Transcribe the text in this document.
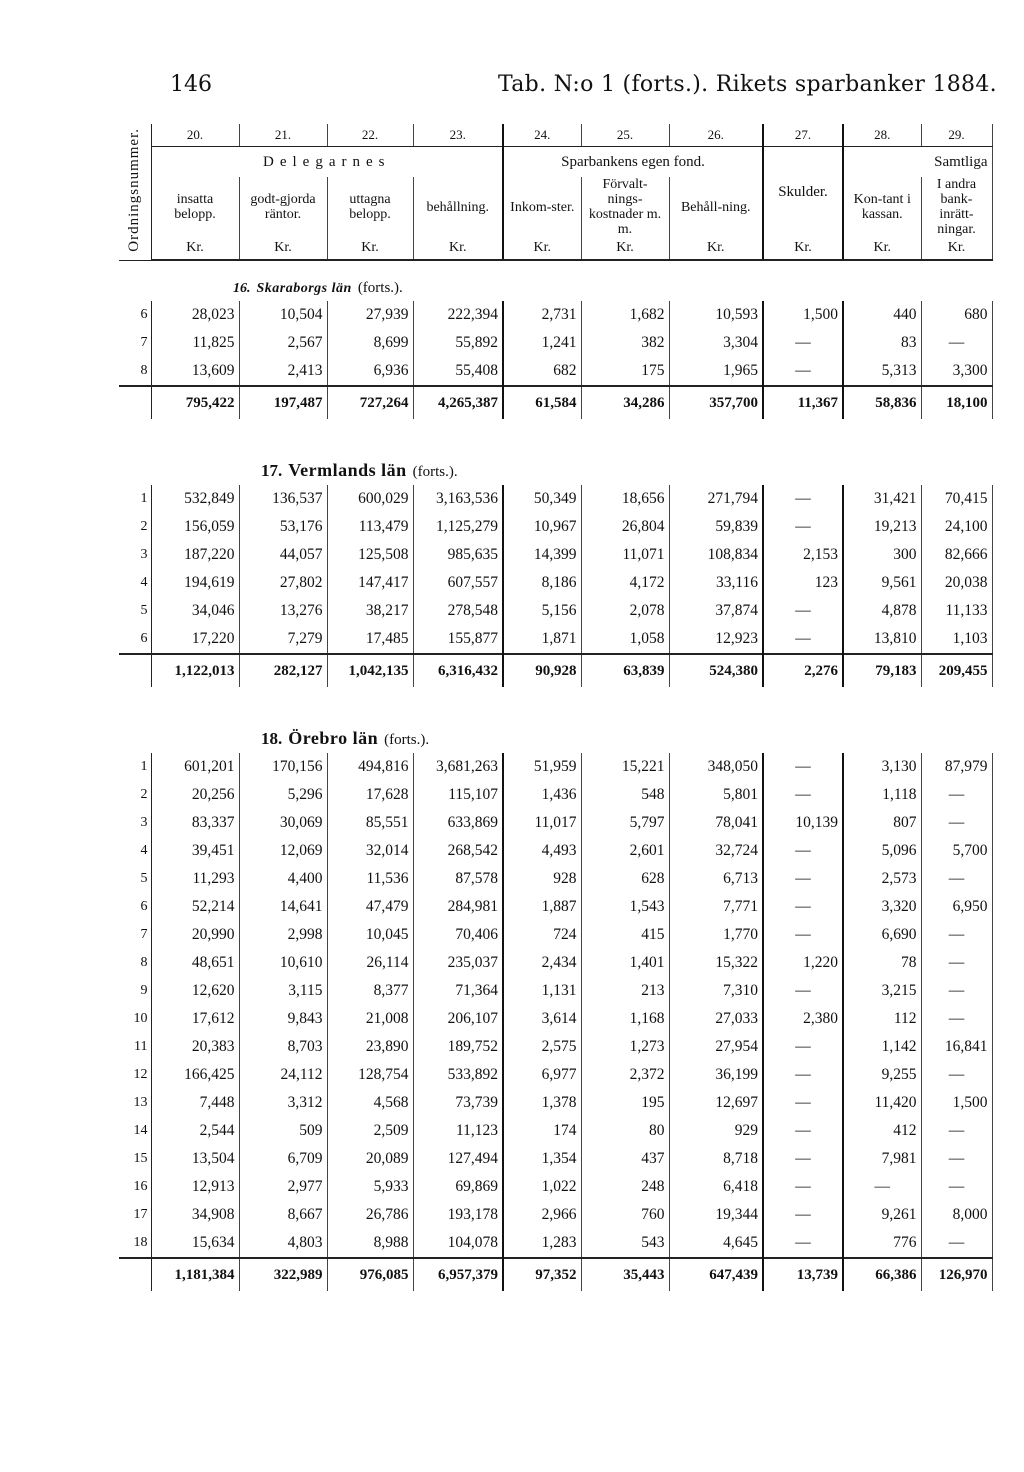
146	Tab. N:o 1 (forts.). Rikets sparbanker 1884.
Ordningsnummer.	20.	21.	22.	23.	24.	25.	26.	27.	28.	29.
	Delegarnes				Sparbankens egen fond.			Skulder.	Samtliga	
	insatta belopp.	godt-gjorda räntor.	uttagna belopp.	behållning.	Inkom-ster.	Förvalt-nings-kostnader m. m.	Behåll-ning.		Kon-tant i kassan.	I andra bank-inrätt-ningar.
	Kr.	Kr.	Kr.	Kr.	Kr.	Kr.	Kr.	Kr.	Kr.	Kr.
	16. Skaraborgs län (forts.).									
6	28,023	10,504	27,939	222,394	2,731	1,682	10,593	1,500	440	680
7	11,825	2,567	8,699	55,892	1,241	382	3,304	—	83	—
8	13,609	2,413	6,936	55,408	682	175	1,965	—	5,313	3,300
	795,422	197,487	727,264	4,265,387	61,584	34,286	357,700	11,367	58,836	18,100
	17. Vermlands län (forts.).									
1	532,849	136,537	600,029	3,163,536	50,349	18,656	271,794	—	31,421	70,415
2	156,059	53,176	113,479	1,125,279	10,967	26,804	59,839	—	19,213	24,100
3	187,220	44,057	125,508	985,635	14,399	11,071	108,834	2,153	300	82,666
4	194,619	27,802	147,417	607,557	8,186	4,172	33,116	123	9,561	20,038
5	34,046	13,276	38,217	278,548	5,156	2,078	37,874	—	4,878	11,133
6	17,220	7,279	17,485	155,877	1,871	1,058	12,923	—	13,810	1,103
	1,122,013	282,127	1,042,135	6,316,432	90,928	63,839	524,380	2,276	79,183	209,455
	18. Örebro län (forts.).									
1	601,201	170,156	494,816	3,681,263	51,959	15,221	348,050	—	3,130	87,979
2	20,256	5,296	17,628	115,107	1,436	548	5,801	—	1,118	—
3	83,337	30,069	85,551	633,869	11,017	5,797	78,041	10,139	807	—
4	39,451	12,069	32,014	268,542	4,493	2,601	32,724	—	5,096	5,700
5	11,293	4,400	11,536	87,578	928	628	6,713	—	2,573	—
6	52,214	14,641	47,479	284,981	1,887	1,543	7,771	—	3,320	6,950
7	20,990	2,998	10,045	70,406	724	415	1,770	—	6,690	—
8	48,651	10,610	26,114	235,037	2,434	1,401	15,322	1,220	78	—
9	12,620	3,115	8,377	71,364	1,131	213	7,310	—	3,215	—
10	17,612	9,843	21,008	206,107	3,614	1,168	27,033	2,380	112	—
11	20,383	8,703	23,890	189,752	2,575	1,273	27,954	—	1,142	16,841
12	166,425	24,112	128,754	533,892	6,977	2,372	36,199	—	9,255	—
13	7,448	3,312	4,568	73,739	1,378	195	12,697	—	11,420	1,500
14	2,544	509	2,509	11,123	174	80	929	—	412	—
15	13,504	6,709	20,089	127,494	1,354	437	8,718	—	7,981	—
16	12,913	2,977	5,933	69,869	1,022	248	6,418	—	—	—
17	34,908	8,667	26,786	193,178	2,966	760	19,344	—	9,261	8,000
18	15,634	4,803	8,988	104,078	1,283	543	4,645	—	776	—
	1,181,384	322,989	976,085	6,957,379	97,352	35,443	647,439	13,739	66,386	126,970
